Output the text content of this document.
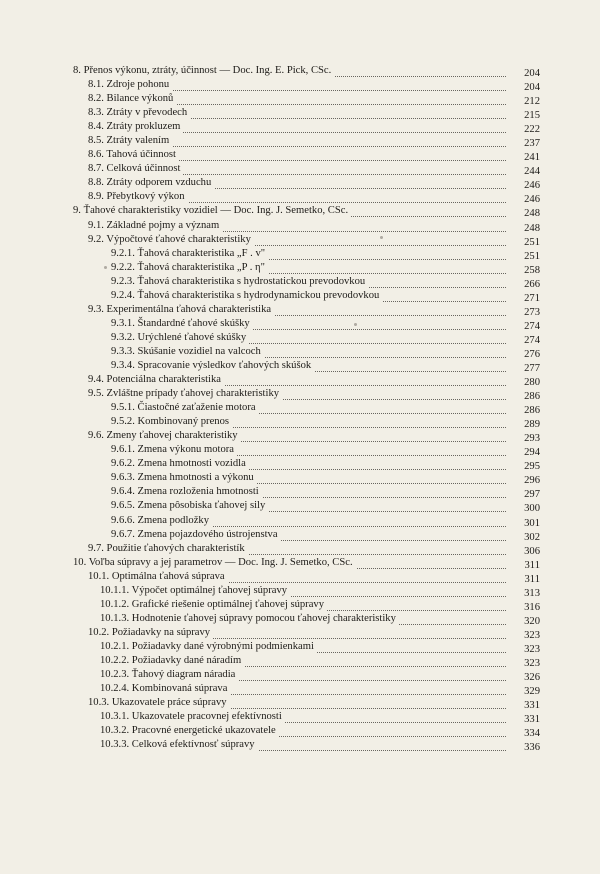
8. Přenos výkonu, ztráty, účinnost — Doc. Ing. E. Pick, CSc.	204
8.1. Zdroje pohonu	204
8.2. Bilance výkonů	212
8.3. Ztráty v převodech	215
8.4. Ztráty prokluzem	222
8.5. Ztráty valením	237
8.6. Tahová účinnost	241
8.7. Celková účinnost	244
8.8. Ztráty odporem vzduchu	246
8.9. Přebytkový výkon	246
9. Ťahové charakteristiky vozidiel — Doc. Ing. J. Semetko, CSc.	248
9.1. Základné pojmy a význam	248
9.2. Výpočtové ťahové charakteristiky	251
9.2.1. Ťahová charakteristika „F . v"	251
9.2.2. Ťahová charakteristika „P . η"	258
9.2.3. Ťahová charakteristika s hydrostatickou prevodovkou	266
9.2.4. Ťahová charakteristika s hydrodynamickou prevodovkou	271
9.3. Experimentálna ťahová charakteristika	273
9.3.1. Štandardné ťahové skúšky	274
9.3.2. Urýchlené ťahové skúšky	274
9.3.3. Skúšanie vozidiel na valcoch	276
9.3.4. Spracovanie výsledkov ťahových skúšok	277
9.4. Potenciálna charakteristika	280
9.5. Zvláštne prípady ťahovej charakteristiky	286
9.5.1. Čiastočné zaťaženie motora	286
9.5.2. Kombinovaný prenos	289
9.6. Zmeny ťahovej charakteristiky	293
9.6.1. Zmena výkonu motora	294
9.6.2. Zmena hmotnosti vozidla	295
9.6.3. Zmena hmotnosti a výkonu	296
9.6.4. Zmena rozloženia hmotnosti	297
9.6.5. Zmena pôsobiska ťahovej sily	300
9.6.6. Zmena podložky	301
9.6.7. Zmena pojazdového ústrojenstva	302
9.7. Použitie ťahových charakteristík	306
10. Voľba súpravy a jej parametrov — Doc. Ing. J. Semetko, CSc.	311
10.1. Optimálna ťahová súprava	311
10.1.1. Výpočet optimálnej ťahovej súpravy	313
10.1.2. Grafické riešenie optimálnej ťahovej súpravy	316
10.1.3. Hodnotenie ťahovej súpravy pomocou ťahovej charakteristiky	320
10.2. Požiadavky na súpravy	323
10.2.1. Požiadavky dané výrobnými podmienkami	323
10.2.2. Požiadavky dané náradím	323
10.2.3. Ťahový diagram náradia	326
10.2.4. Kombinovaná súprava	329
10.3. Ukazovatele práce súpravy	331
10.3.1. Ukazovatele pracovnej efektívnosti	331
10.3.2. Pracovné energetické ukazovatele	334
10.3.3. Celková efektívnosť súpravy	336
